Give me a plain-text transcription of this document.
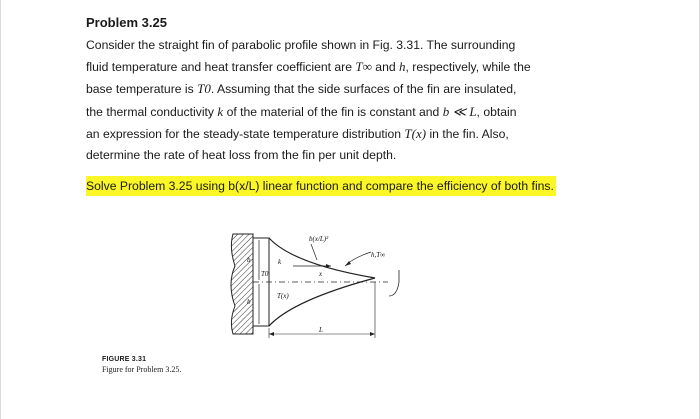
Problem 3.25

Consider the straight fin of parabolic profile shown in Fig. 3.31. The surrounding
fluid temperature and heat transfer coefficient are T∞ and h, respectively, while the
base temperature is T0. Assuming that the side surfaces of the fin are insulated,
the thermal conductivity k of the material of the fin is constant and b ≪ L, obtain
an expression for the steady-state temperature distribution T(x) in the fin. Also,
determine the rate of heat loss from the fin per unit depth.

Solve Problem 3.25 using b(x/L) linear function and compare the efficiency of both fins.
b(x/L)²
h,T∞
b
b
k
T0	x
T(x)
L
FIGURE 3.31
Figure for Problem 3.25.
